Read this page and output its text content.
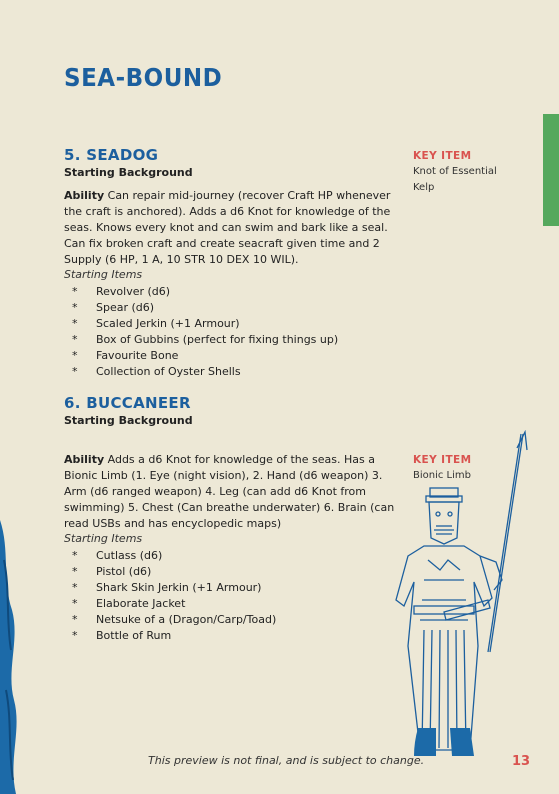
SEA-BOUND
5. SEADOG
Starting Background
Ability Can repair mid-journey (recover Craft HP whenever the craft is anchored). Adds a d6 Knot for knowledge of the seas. Knows every knot and can swim and bark like a seal. Can fix broken craft and create seacraft given time and 2 Supply (6 HP, 1 A, 10 STR 10 DEX 10 WIL).
Starting Items
* Revolver (d6)
* Spear (d6)
* Scaled Jerkin (+1 Armour)
* Box of Gubbins (perfect for fixing things up)
* Favourite Bone
* Collection of Oyster Shells
KEY ITEM
Knot of Essential Kelp
6. BUCCANEER
Starting Background
Ability Adds a d6 Knot for knowledge of the seas. Has a Bionic Limb (1. Eye (night vision), 2. Hand (d6 weapon) 3. Arm (d6 ranged weapon) 4. Leg (can add d6 Knot from swimming) 5. Chest (Can breathe underwater) 6. Brain (can read USBs and has encyclopedic maps)
Starting Items
* Cutlass (d6)
* Pistol (d6)
* Shark Skin Jerkin (+1 Armour)
* Elaborate Jacket
* Netsuke of a (Dragon/Carp/Toad)
* Bottle of Rum
KEY ITEM
Bionic Limb
This preview is not final, and is subject to change.	13
